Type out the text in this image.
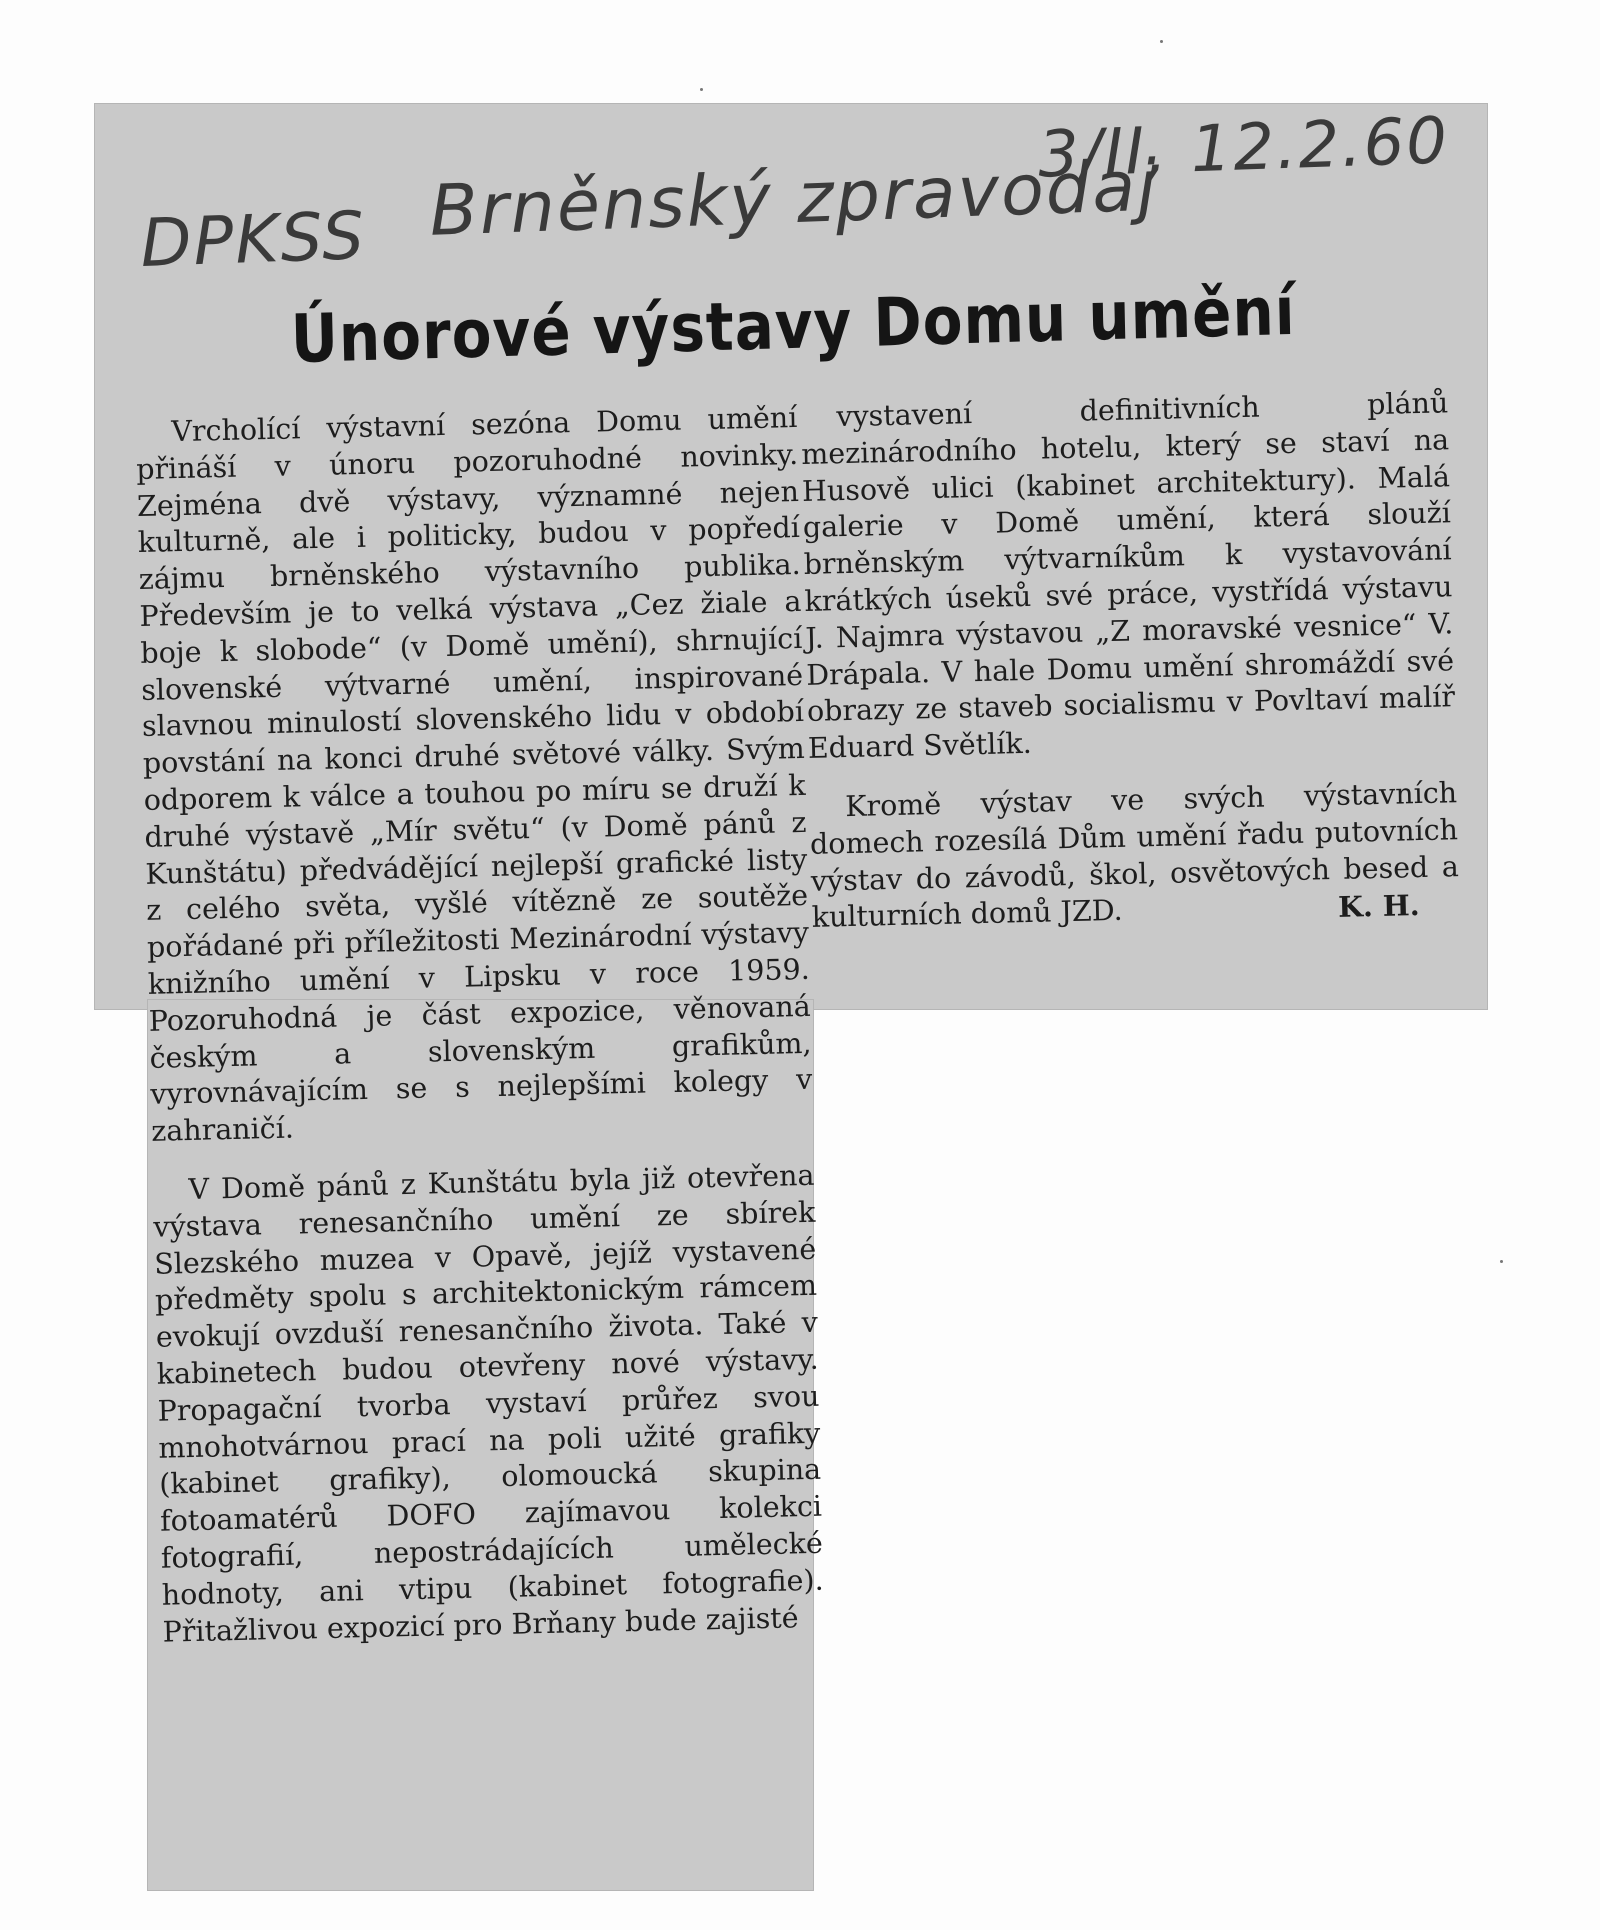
DPKSS Brněnský zpravodaj
3/II, 12.2.60
Únorové výstavy Domu umění

Vrcholící výstavní sezóna Domu umění přináší v únoru pozoruhodné novinky. Zejména dvě výstavy, významné nejen kulturně, ale i politicky, budou v popředí zájmu brněnského výstavního publika. Především je to velká výstava „Cez žiale a boje k slobode“ (v Domě umění), shrnující slovenské výtvarné umění, inspirované slavnou minulostí slovenského lidu v období povstání na konci druhé světové války. Svým odporem k válce a touhou po míru se druží k druhé výstavě „Mír světu“ (v Domě pánů z Kunštátu) předvádějící nejlepší grafické listy z celého světa, vyšlé vítězně ze soutěže pořádané při příležitosti Mezinárodní výstavy knižního umění v Lipsku v roce 1959. Pozoruhodná je část expozice, věnovaná českým a slovenským grafikům, vyrovnávajícím se s nejlepšími kolegy v zahraničí.

V Domě pánů z Kunštátu byla již otevřena výstava renesančního umění ze sbírek Slezského muzea v Opavě, jejíž vystavené předměty spolu s architektonickým rámcem evokují ovzduší renesančního života. Také v kabinetech budou otevřeny nové výstavy. Propagační tvorba vystaví průřez svou mnohotvárnou prací na poli užité grafiky (kabinet grafiky), olomoucká skupina fotoamatérů DOFO zajímavou kolekci fotografií, nepostrádajících umělecké hodnoty, ani vtipu (kabinet fotografie). Přitažlivou expozicí pro Brňany bude zajisté

vystavení definitivních plánů mezinárodního hotelu, který se staví na Husově ulici (kabinet architektury). Malá galerie v Domě umění, která slouží brněnským výtvarníkům k vystavování krátkých úseků své práce, vystřídá výstavu J. Najmra výstavou „Z moravské vesnice“ V. Drápala. V hale Domu umění shromáždí své obrazy ze staveb socialismu v Povltaví malíř Eduard Světlík.

Kromě výstav ve svých výstavních domech rozesílá Dům umění řadu putovních výstav do závodů, škol, osvětových besed a kulturních domů JZD.	K. H.
